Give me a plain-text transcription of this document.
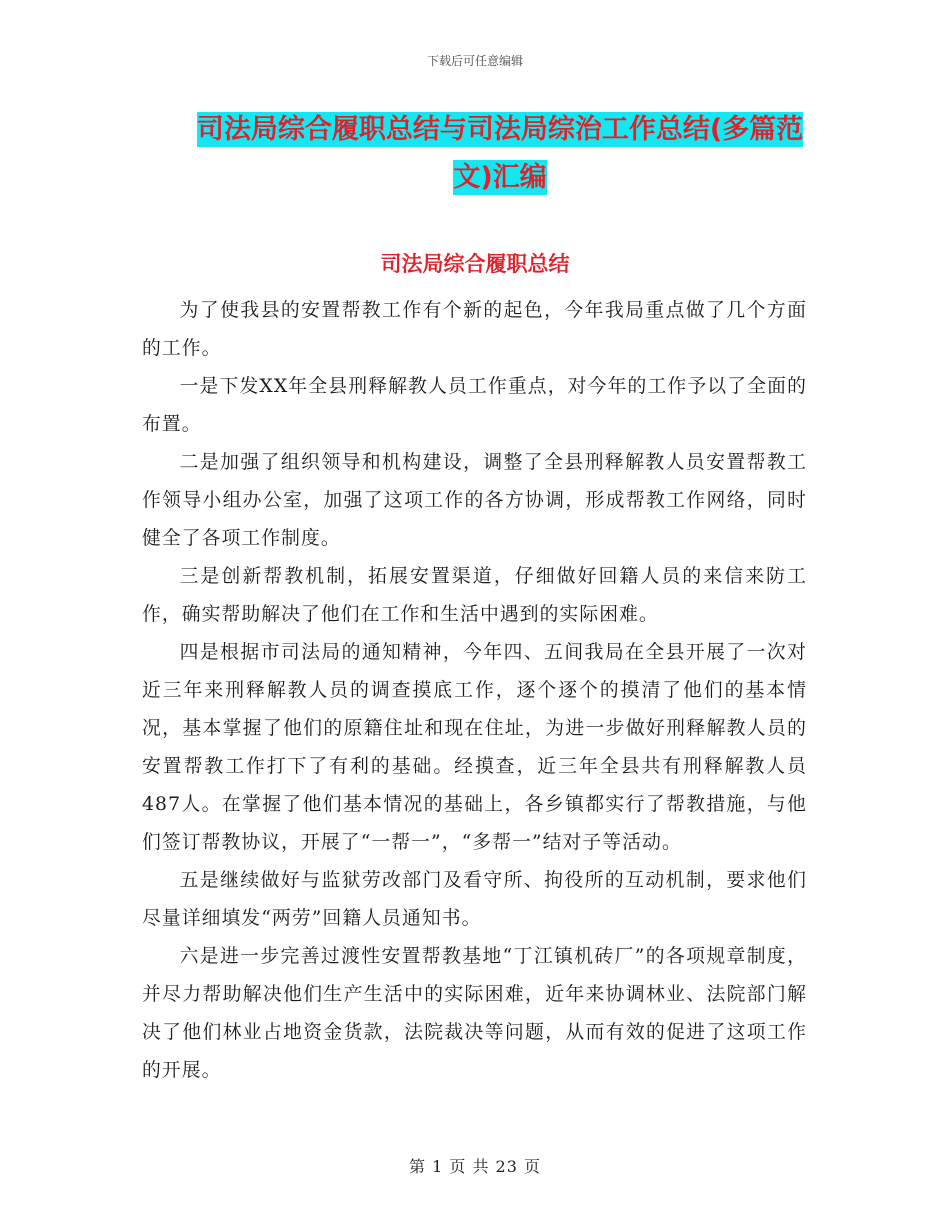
下载后可任意编辑
司法局综合履职总结与司法局综治工作总结(多篇范
文)汇编
司法局综合履职总结

为了使我县的安置帮教工作有个新的起色，今年我局重点做了几个方面的工作。

一是下发XX年全县刑释解教人员工作重点，对今年的工作予以了全面的布置。

二是加强了组织领导和机构建设，调整了全县刑释解教人员安置帮教工作领导小组办公室，加强了这项工作的各方协调，形成帮教工作网络，同时健全了各项工作制度。

三是创新帮教机制，拓展安置渠道，仔细做好回籍人员的来信来防工作，确实帮助解决了他们在工作和生活中遇到的实际困难。

四是根据市司法局的通知精神，今年四、五间我局在全县开展了一次对近三年来刑释解教人员的调查摸底工作，逐个逐个的摸清了他们的基本情况，基本掌握了他们的原籍住址和现在住址，为进一步做好刑释解教人员的安置帮教工作打下了有利的基础。经摸查，近三年全县共有刑释解教人员487人。在掌握了他们基本情况的基础上，各乡镇都实行了帮教措施，与他们签订帮教协议，开展了“一帮一”，“多帮一”结对子等活动。

五是继续做好与监狱劳改部门及看守所、拘役所的互动机制，要求他们尽量详细填发“两劳”回籍人员通知书。

六是进一步完善过渡性安置帮教基地“丁江镇机砖厂”的各项规章制度，并尽力帮助解决他们生产生活中的实际困难，近年来协调林业、法院部门解决了他们林业占地资金货款，法院裁决等问题，从而有效的促进了这项工作的开展。

第 1 页 共 23 页
